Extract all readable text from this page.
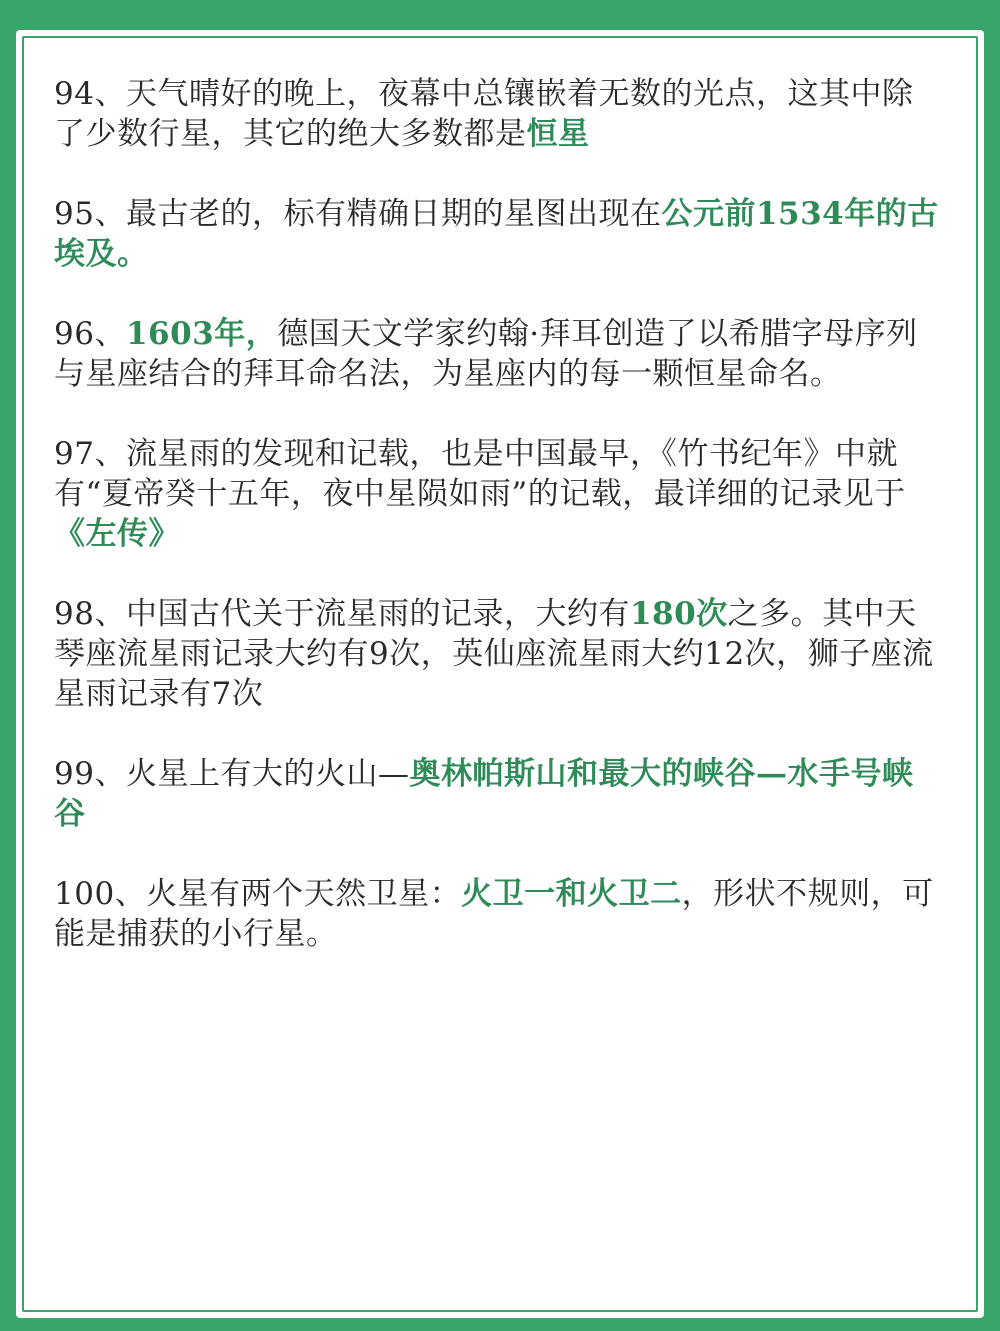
94、天气晴好的晚上，夜幕中总镶嵌着无数的光点，这其中除了少数行星，其它的绝大多数都是恒星

95、最古老的，标有精确日期的星图出现在公元前1534年的古埃及。

96、1603年，德国天文学家约翰·拜耳创造了以希腊字母序列与星座结合的拜耳命名法，为星座内的每一颗恒星命名。

97、流星雨的发现和记载，也是中国最早，《竹书纪年》中就有“夏帝癸十五年，夜中星陨如雨”的记载，最详细的记录见于《左传》

98、中国古代关于流星雨的记录，大约有180次之多。其中天琴座流星雨记录大约有9次，英仙座流星雨大约12次，狮子座流星雨记录有7次

99、火星上有大的火山—奥林帕斯山和最大的峡谷—水手号峡谷

100、火星有两个天然卫星：火卫一和火卫二，形状不规则，可能是捕获的小行星。
